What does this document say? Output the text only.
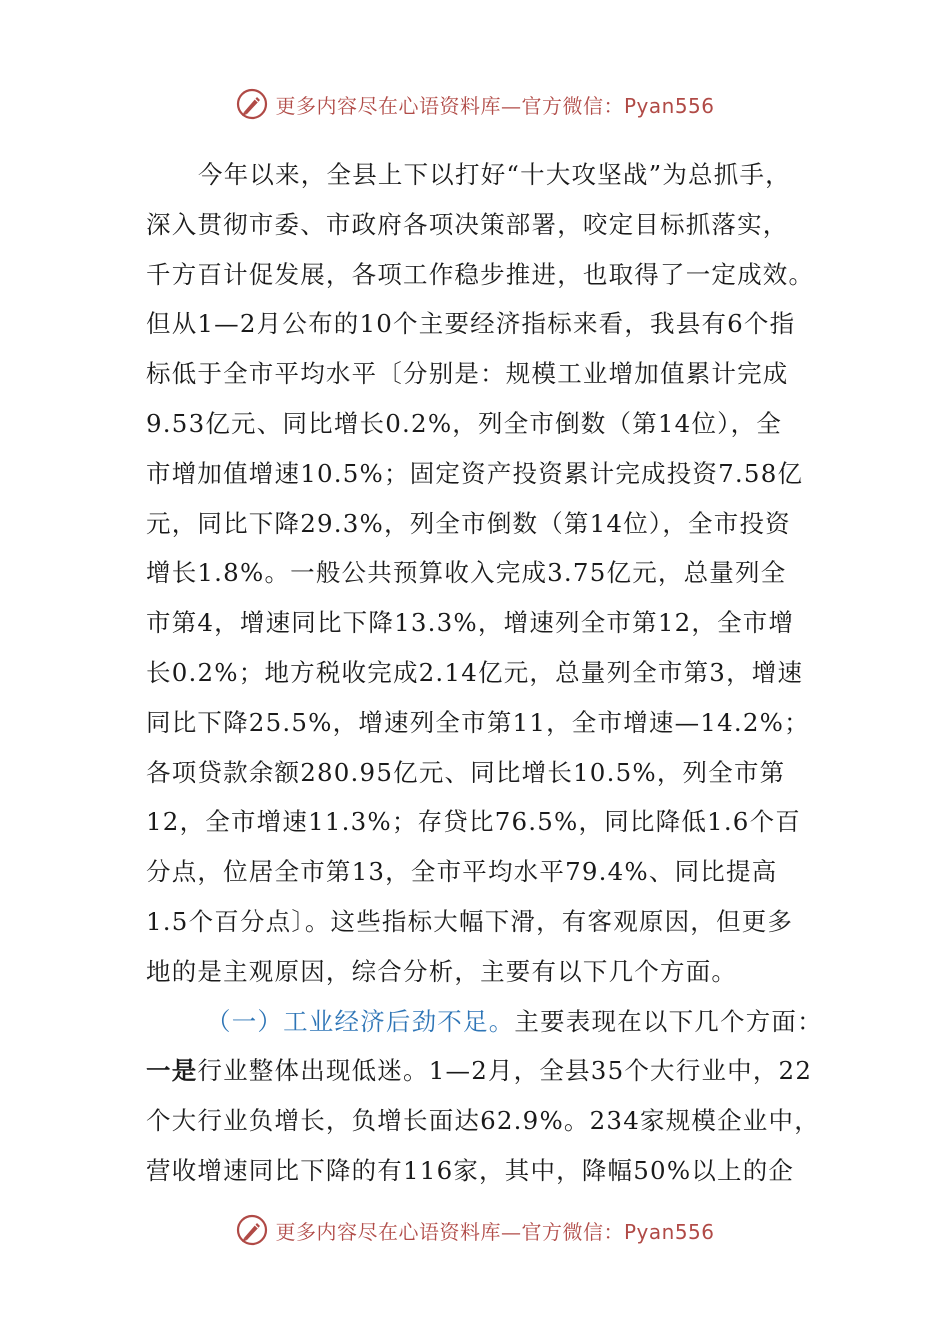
更多内容尽在心语资料库—官方微信：Pyan556
今年以来，全县上下以打好“十大攻坚战”为总抓手，
深入贯彻市委、市政府各项决策部署，咬定目标抓落实，
千方百计促发展，各项工作稳步推进，也取得了一定成效。
但从1—2月公布的10个主要经济指标来看，我县有6个指
标低于全市平均水平〔分别是：规模工业增加值累计完成
9.53亿元、同比增长0.2%，列全市倒数（第14位），全
市增加值增速10.5%；固定资产投资累计完成投资7.58亿
元，同比下降29.3%，列全市倒数（第14位），全市投资
增长1.8%。一般公共预算收入完成3.75亿元，总量列全
市第4，增速同比下降13.3%，增速列全市第12，全市增
长0.2%；地方税收完成2.14亿元，总量列全市第3，增速
同比下降25.5%，增速列全市第11，全市增速—14.2%；
各项贷款余额280.95亿元、同比增长10.5%，列全市第
12，全市增速11.3%；存贷比76.5%，同比降低1.6个百
分点，位居全市第13，全市平均水平79.4%、同比提高
1.5个百分点〕。这些指标大幅下滑，有客观原因，但更多
地的是主观原因，综合分析，主要有以下几个方面。
（一）工业经济后劲不足。主要表现在以下几个方面：
一是行业整体出现低迷。1—2月，全县35个大行业中，22
个大行业负增长，负增长面达62.9%。234家规模企业中，
营收增速同比下降的有116家，其中，降幅50%以上的企
更多内容尽在心语资料库—官方微信：Pyan556
